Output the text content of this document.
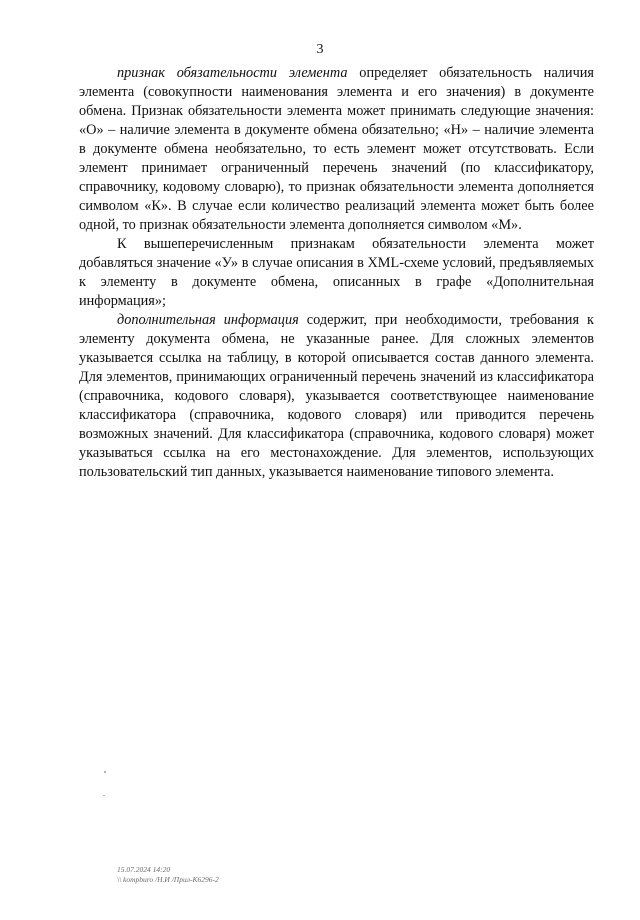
3

признак обязательности элемента определяет обязательность наличия элемента (совокупности наименования элемента и его значения) в документе обмена. Признак обязательности элемента может принимать следующие значения: «О» – наличие элемента в документе обмена обязательно; «Н» – наличие элемента в документе обмена необязательно, то есть элемент может отсутствовать. Если элемент принимает ограниченный перечень значений (по классификатору, справочнику, кодовому словарю), то признак обязательности элемента дополняется символом «К». В случае если количество реализаций элемента может быть более одной, то признак обязательности элемента дополняется символом «М».

К вышеперечисленным признакам обязательности элемента может добавляться значение «У» в случае описания в XML-схеме условий, предъявляемых к элементу в документе обмена, описанных в графе «Дополнительная информация»;

дополнительная информация содержит, при необходимости, требования к элементу документа обмена, не указанные ранее. Для сложных элементов указывается ссылка на таблицу, в которой описывается состав данного элемента. Для элементов, принимающих ограниченный перечень значений из классификатора (справочника, кодового словаря), указывается соответствующее наименование классификатора (справочника, кодового словаря) или приводится перечень возможных значений. Для классификатора (справочника, кодового словаря) может указываться ссылка на его местонахождение. Для элементов, использующих пользовательский тип данных, указывается наименование типового элемента.

15.07.2024 14:20
\\ kompburo /Н.И /Прил-К6296-2
